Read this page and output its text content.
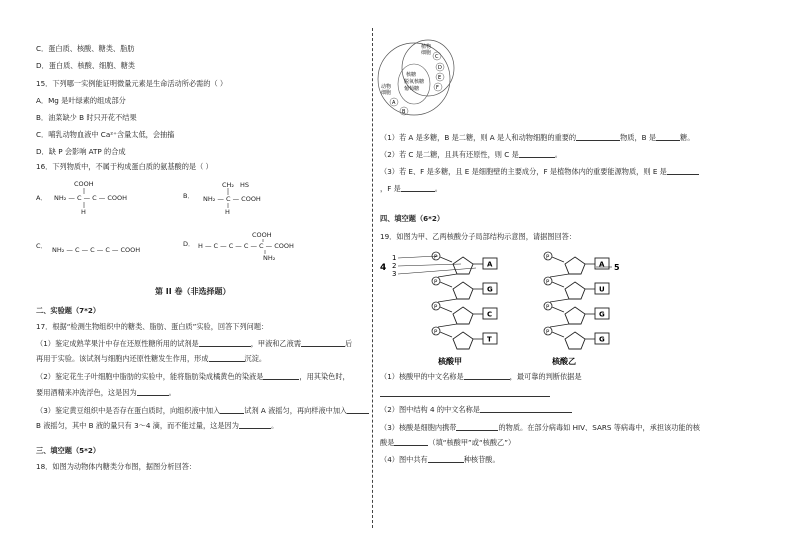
C．蛋白质、核酸、糖类、脂肪
D．蛋白质、核酸、细胞、糖类
15．下列哪一实例能证明微量元素是生命活动所必需的（ ）
A．Mg 是叶绿素的组成部分
B．油菜缺少 B 时只开花不结果
C．哺乳动物血液中 Ca²⁺含量太低，会抽搐
D．缺 P 会影响 ATP 的合成
16．下列物质中，不属于构成蛋白质的氨基酸的是（ ）
A．
COOH
NH₂ — C — C — COOH
H
B．
CH₂ HS
NH₂ — C — COOH
H
C． NH₂ — C — C — C — COOH
D．
COOH
H — C — C — C — C — COOH
NH₂
第 II 卷（非选择题）
二、实验题（7*2）
17．根据“检测生物组织中的糖类、脂肪、蛋白质”实验，回答下列问题：
（1）鉴定成熟苹果汁中存在还原性糖所用的试剂是	，甲液和乙液需	后
再用于实验。该试剂与细胞内还原性糖发生作用，形成	沉淀。
（2）鉴定花生子叶细胞中脂肪的实验中，能将脂肪染成橘黄色的染液是	，用其染色时，
要用酒精来冲洗浮色，这是因为	。
（3）鉴定黄豆组织中是否存在蛋白质时，向组织液中加入	试剂 A 液摇匀，再向样液中加入
B 液摇匀，其中 B 液的量只有 3～4 滴，而不能过量，这是因为	。
三、填空题（5*2）
18．如图为动物体内糖类分布图，据图分析回答：
植物
细胞
C
D
E
F
核糖
脱氧核糖
葡萄糖
动物
细胞
A
B
（1）若 A 是多糖，B 是二糖，则 A 是人和动物细胞的重要的	物质，B 是	糖。
（2）若 C 是二糖，且具有还原性，则 C 是	。
（3）若 E、F 是多糖，且 E 是细胞壁的主要成分，F 是植物体内的重要能源物质，则 E 是
，F 是	。
四、填空题（6*2）
19．如图为甲、乙两核酸分子局部结构示意图，请据图回答：
P
A
P
G
P
C
P
T
P
A
P
U
P
G
P
G
4
1
2
3
5
核酸甲	核酸乙
（1）核酸甲的中文名称是	，最可靠的判断依据是
（2）图中结构 4 的中文名称是
（3）核酸是细胞内携带	的物质。在部分病毒如 HIV、SARS 等病毒中，承担该功能的核
酸是	（填“核酸甲”或“核酸乙”）
（4）图中共有	种核苷酸。
